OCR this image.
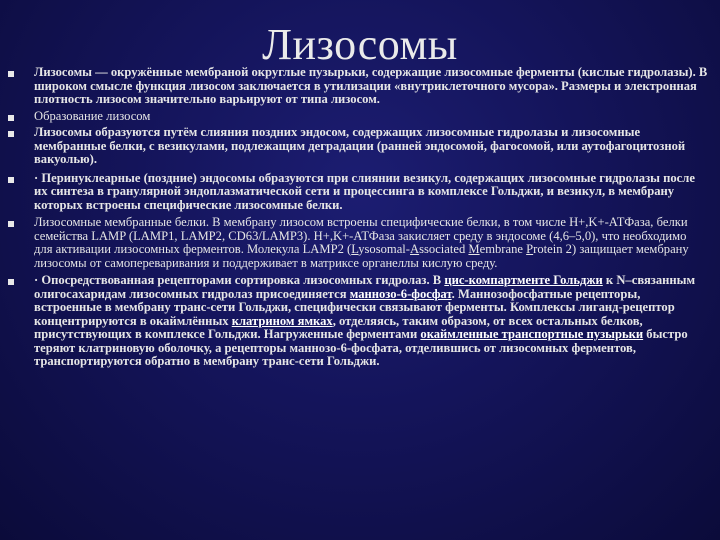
Лизосомы
Лизосомы — окружённые мембраной округлые пузырьки, содержащие лизосомные ферменты (кислые гидролазы). В широком смысле функция лизосом заключается в утилизации «внутриклеточного мусора». Размеры и электронная плотность лизосом значительно варьируют от типа лизосом.
Образование лизосом
Лизосомы образуются путём слияния поздних эндосом, содержащих лизосомные гидролазы и лизосомные мембранные белки, с везикулами, подлежащим деградации (ранней эндосомой, фагосомой, или аутофагоцитозной вакуолью).
· Перинуклеарные (поздние) эндосомы образуются при слиянии везикул, содержащих лизосомные гидролазы после их синтеза в гранулярной эндоплазматической сети и процессинга в комплексе Гольджи, и везикул, в мембрану которых встроены специфические лизосомные белки.
Лизосомные мембранные белки. В мембрану лизосом встроены специфические белки, в том числе H+,K+-АТФаза, белки семейства LAMP (LAMP1, LAMP2, CD63/LAMP3). H+,K+-АТФаза закисляет среду в эндосоме (4,6–5,0), что необходимо для активации лизосомных ферментов. Молекула LAMP2 (Lysosomal-Associated Membrane Protein 2) защищает мембрану лизосомы от самопереваривания и поддерживает в матриксе органеллы кислую среду.
· Опосредствованная рецепторами сортировка лизосомных гидролаз. В цис-компартменте Гольджи к N–связанным олигосахаридам лизосомных гидролаз присоединяется маннозо-6-фосфат. Маннозофосфатные рецепторы, встроенные в мембрану транс-сети Гольджи, специфически связывают ферменты. Комплексы лиганд-рецептор концентрируются в окаймлённых клатрином ямках, отделяясь, таким образом, от всех остальных белков, присутствующих в комплексе Гольджи. Нагруженные ферментами окаймленные транспортные пузырьки быстро теряют клатриновую оболочку, а рецепторы маннозо-6-фосфата, отделившись от лизосомных ферментов, транспортируются обратно в мембрану транс-сети Гольджи.
